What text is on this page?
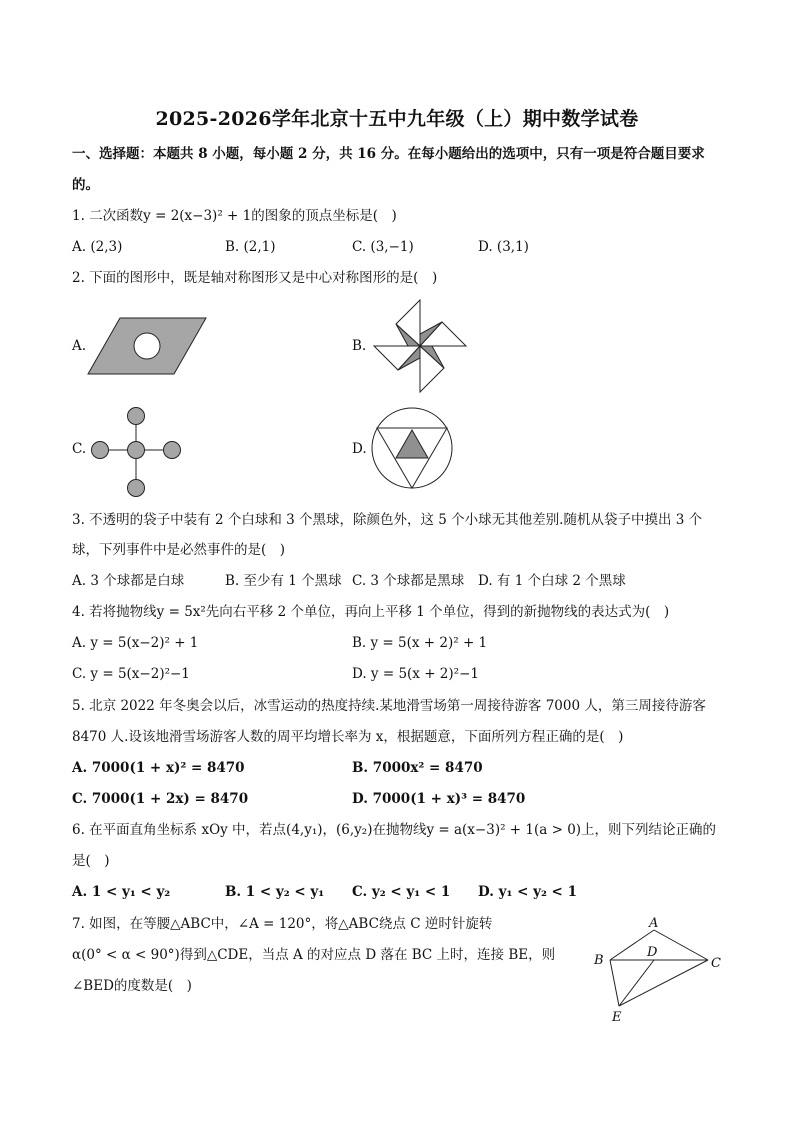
2025-2026学年北京十五中九年级（上）期中数学试卷
一、选择题：本题共 8 小题，每小题 2 分，共 16 分。在每小题给出的选项中，只有一项是符合题目要求
的。
1. 二次函数y = 2(x−3)² + 1的图象的顶点坐标是(　)
A. (2,3)	B. (2,1)	C. (3,−1)	D. (3,1)
2. 下面的图形中，既是轴对称图形又是中心对称图形的是(　)
A.	B.
C.	D.
3. 不透明的袋子中装有 2 个白球和 3 个黑球，除颜色外，这 5 个小球无其他差别.随机从袋子中摸出 3 个
球，下列事件中是必然事件的是(　)
A. 3 个球都是白球	B. 至少有 1 个黑球 C. 3 个球都是黑球 D. 有 1 个白球 2 个黑球
4. 若将抛物线y = 5x²先向右平移 2 个单位，再向上平移 1 个单位，得到的新抛物线的表达式为(　)
A. y = 5(x−2)² + 1	B. y = 5(x + 2)² + 1
C. y = 5(x−2)²−1	D. y = 5(x + 2)²−1
5. 北京 2022 年冬奥会以后，冰雪运动的热度持续.某地滑雪场第一周接待游客 7000 人，第三周接待游客
8470 人.设该地滑雪场游客人数的周平均增长率为 x，根据题意，下面所列方程正确的是(　)
A. 7000(1 + x)² = 8470	B. 7000x² = 8470
C. 7000(1 + 2x) = 8470	D. 7000(1 + x)³ = 8470
6. 在平面直角坐标系 xOy 中，若点(4,y₁)，(6,y₂)在抛物线y = a(x−3)² + 1(a > 0)上，则下列结论正确的
是(　)
A. 1 < y₁ < y₂	B. 1 < y₂ < y₁ C. y₂ < y₁ < 1 D. y₁ < y₂ < 1
7. 如图，在等腰△ABC中，∠A = 120°，将△ABC绕点 C 逆时针旋转
α(0° < α < 90°)得到△CDE，当点 A 的对应点 D 落在 BC 上时，连接 BE，则
∠BED的度数是(　)
A
B	C
D
E
